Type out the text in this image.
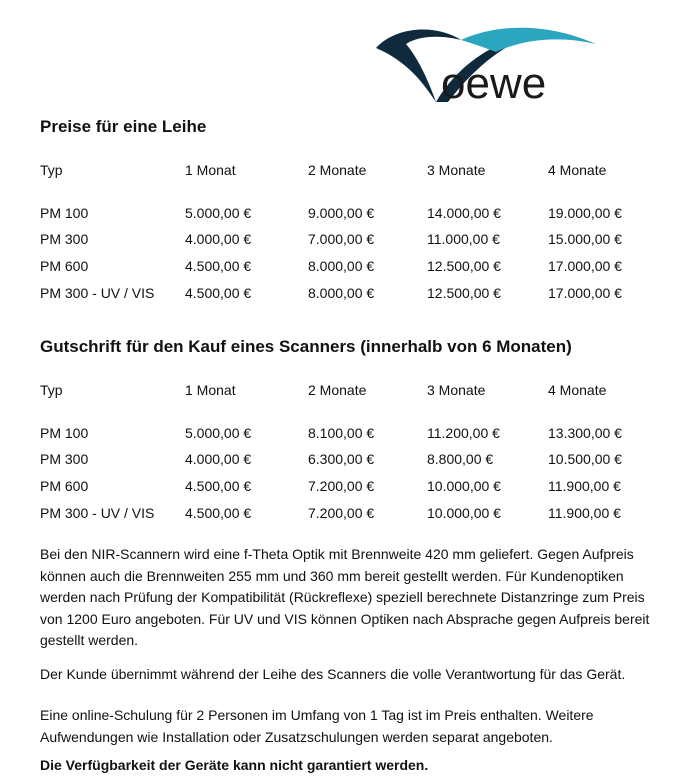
oewe
Preise für eine Leihe
Typ	1 Monat	2 Monate	3 Monate	4 Monate
PM 100	5.000,00 €	9.000,00 €	14.000,00 €	19.000,00 €
PM 300	4.000,00 €	7.000,00 €	11.000,00 €	15.000,00 €
PM 600	4.500,00 €	8.000,00 €	12.500,00 €	17.000,00 €
PM 300 - UV / VIS 4.500,00 €	8.000,00 €	12.500,00 €	17.000,00 €
Gutschrift für den Kauf eines Scanners (innerhalb von 6 Monaten)
Typ	1 Monat	2 Monate	3 Monate	4 Monate
PM 100	5.000,00 €	8.100,00 €	11.200,00 €	13.300,00 €
PM 300	4.000,00 €	6.300,00 €	8.800,00 €	10.500,00 €
PM 600	4.500,00 €	7.200,00 €	10.000,00 €	11.900,00 €
PM 300 - UV / VIS 4.500,00 €	7.200,00 €	10.000,00 €	11.900,00 €

Bei den NIR-Scannern wird eine f-Theta Optik mit Brennweite 420 mm geliefert. Gegen Aufpreis können auch die Brennweiten 255 mm und 360 mm bereit gestellt werden. Für Kundenoptiken werden nach Prüfung der Kompatibilität (Rückreflexe) speziell berechnete Distanzringe zum Preis von 1200 Euro angeboten. Für UV und VIS können Optiken nach Absprache gegen Aufpreis bereit gestellt werden.

Der Kunde übernimmt während der Leihe des Scanners die volle Verantwortung für das Gerät.

Eine online-Schulung für 2 Personen im Umfang von 1 Tag ist im Preis enthalten. Weitere Aufwendungen wie Installation oder Zusatzschulungen werden separat angeboten.

Die Verfügbarkeit der Geräte kann nicht garantiert werden.
